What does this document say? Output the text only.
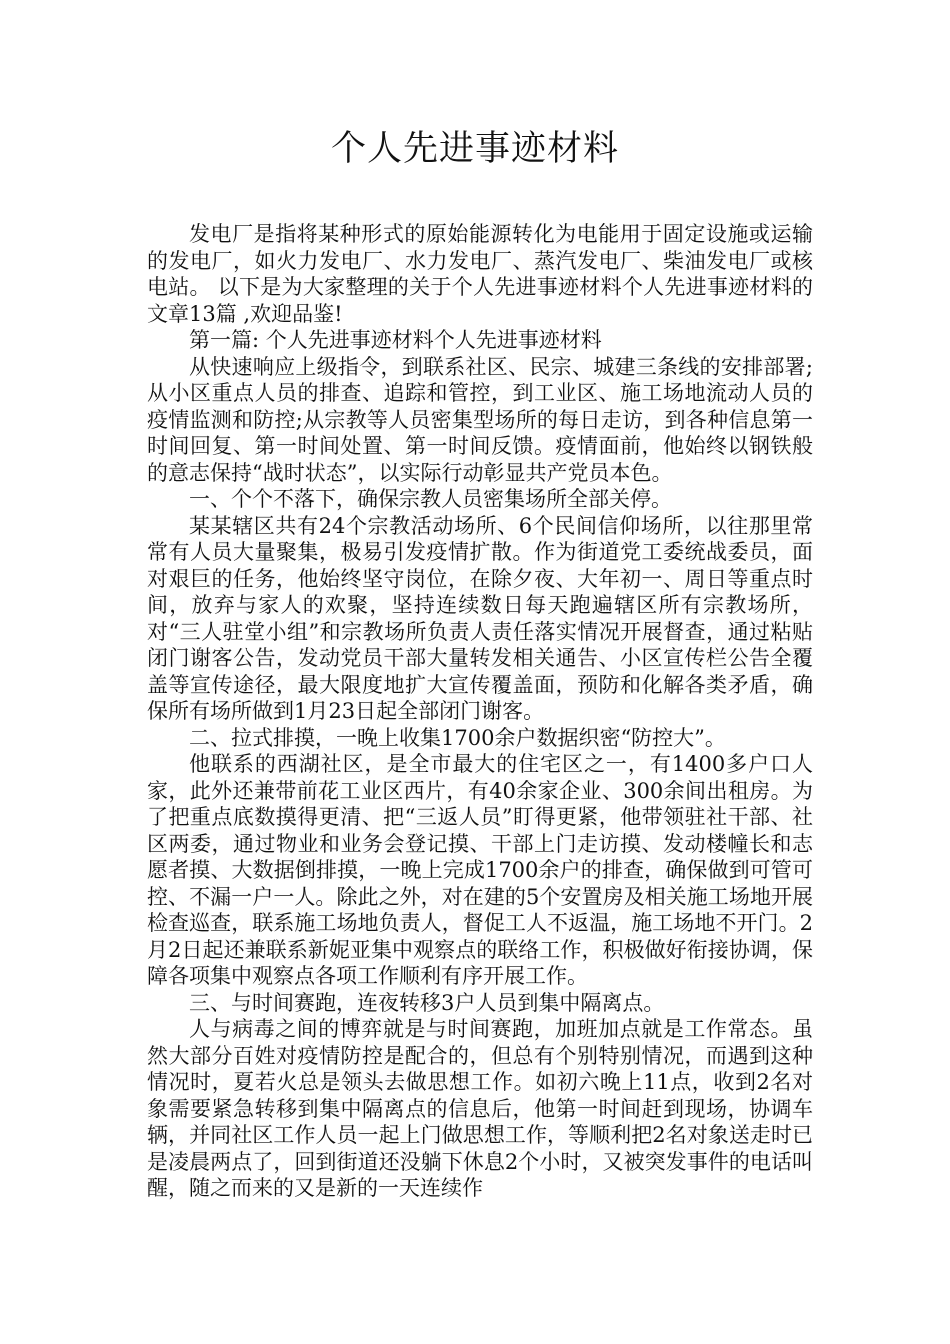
个人先进事迹材料

发电厂是指将某种形式的原始能源转化为电能用于固定设施或运输的发电厂，如火力发电厂、水力发电厂、蒸汽发电厂、柴油发电厂或核电站。 以下是为大家整理的关于个人先进事迹材料个人先进事迹材料的文章13篇 ,欢迎品鉴!

第一篇: 个人先进事迹材料个人先进事迹材料

从快速响应上级指令，到联系社区、民宗、城建三条线的安排部署;从小区重点人员的排查、追踪和管控，到工业区、施工场地流动人员的疫情监测和防控;从宗教等人员密集型场所的每日走访，到各种信息第一时间回复、第一时间处置、第一时间反馈。疫情面前，他始终以钢铁般的意志保持“战时状态”，以实际行动彰显共产党员本色。

一、个个不落下，确保宗教人员密集场所全部关停。

某某辖区共有24个宗教活动场所、6个民间信仰场所，以往那里常常有人员大量聚集，极易引发疫情扩散。作为街道党工委统战委员，面对艰巨的任务，他始终坚守岗位，在除夕夜、大年初一、周日等重点时间，放弃与家人的欢聚，坚持连续数日每天跑遍辖区所有宗教场所，对“三人驻堂小组”和宗教场所负责人责任落实情况开展督查，通过粘贴闭门谢客公告，发动党员干部大量转发相关通告、小区宣传栏公告全覆盖等宣传途径，最大限度地扩大宣传覆盖面，预防和化解各类矛盾，确保所有场所做到1月23日起全部闭门谢客。

二、拉式排摸，一晚上收集1700余户数据织密“防控大”。

他联系的西湖社区，是全市最大的住宅区之一，有1400多户口人家，此外还兼带前花工业区西片，有40余家企业、300余间出租房。为了把重点底数摸得更清、把“三返人员”盯得更紧，他带领驻社干部、社区两委，通过物业和业务会登记摸、干部上门走访摸、发动楼幢长和志愿者摸、大数据倒排摸，一晚上完成1700余户的排查，确保做到可管可控、不漏一户一人。除此之外，对在建的5个安置房及相关施工场地开展检查巡查，联系施工场地负责人，督促工人不返温，施工场地不开门。2月2日起还兼联系新妮亚集中观察点的联络工作，积极做好衔接协调，保障各项集中观察点各项工作顺利有序开展工作。

三、与时间赛跑，连夜转移3户人员到集中隔离点。

人与病毒之间的博弈就是与时间赛跑，加班加点就是工作常态。虽然大部分百姓对疫情防控是配合的，但总有个别特别情况，而遇到这种情况时，夏若火总是领头去做思想工作。如初六晚上11点，收到2名对象需要紧急转移到集中隔离点的信息后，他第一时间赶到现场，协调车辆，并同社区工作人员一起上门做思想工作，等顺利把2名对象送走时已是凌晨两点了，回到街道还没躺下休息2个小时，又被突发事件的电话叫醒，随之而来的又是新的一天连续作
